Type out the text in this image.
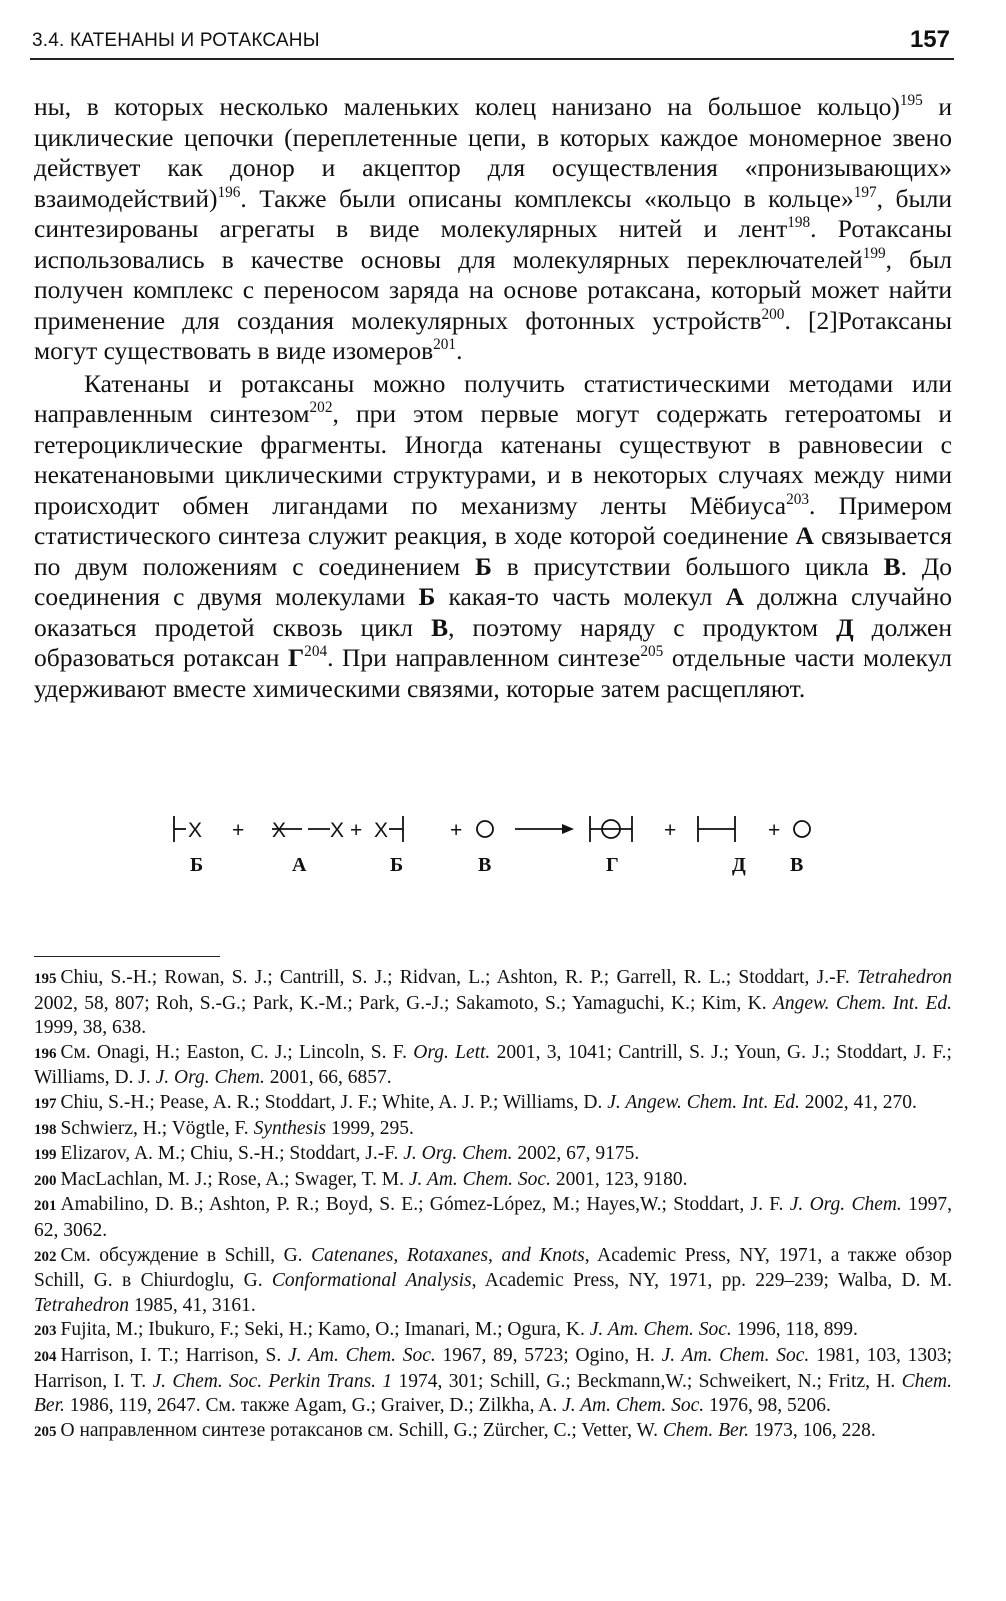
3.4. КАТЕНАНЫ И РОТАКСАНЫ	157

ны, в которых несколько маленьких колец нанизано на большое кольцо)$^{195}$ и циклические цепочки (переплетенные цепи, в которых каждое мономерное звено действует как донор и акцептор для осуществления «пронизывающих» взаимодействий)$^{196}$. Также были описаны комплексы «кольцо в кольце»$^{197}$, были синтезированы агрегаты в виде молекулярных нитей и лент$^{198}$. Ротаксаны использовались в качестве основы для молекулярных переключателей$^{199}$, был получен комплекс с переносом заряда на основе ротаксана, который может найти применение для создания молекулярных фотонных устройств$^{200}$. [2]Ротаксаны могут существовать в виде изомеров$^{201}$.

Катенаны и ротаксаны можно получить статистическими методами или направленным синтезом$^{202}$, при этом первые могут содержать гетероатомы и гетероциклические фрагменты. Иногда катенаны существуют в равновесии с некатенановыми циклическими структурами, и в некоторых случаях между ними происходит обмен лигандами по механизму ленты Мёбиуса$^{203}$. Примером статистического синтеза служит реакция, в ходе которой соединение А связывается по двум положениям с соединением Б в присутствии большого цикла В. До соединения с двумя молекулами Б какая-то часть молекул А должна случайно оказаться продетой сквозь цикл В, поэтому наряду с продуктом Д должен образоваться ротаксан $Г^{204}$. При направленном синтезе$^{205}$ отдельные части молекул удерживают вместе химическими связями, которые затем расщепляют.

X + X X + X	+	+	+
Б	А	Б	В	Г	Д В

195 Chiu, S.-H.; Rowan, S. J.; Cantrill, S. J.; Ridvan, L.; Ashton, R. P.; Garrell, R. L.; Stoddart, J.-F. Tetrahedron 2002, 58, 807; Roh, S.-G.; Park, K.-M.; Park, G.-J.; Sakamoto, S.; Yamaguchi, K.; Kim, K. Angew. Chem. Int. Ed. 1999, 38, 638.

196 См. Onagi, H.; Easton, C. J.; Lincoln, S. F. Org. Lett. 2001, 3, 1041; Cantrill, S. J.; Youn, G. J.; Stoddart, J. F.; Williams, D. J. J. Org. Chem. 2001, 66, 6857.

197 Chiu, S.-H.; Pease, A. R.; Stoddart, J. F.; White, A. J. P.; Williams, D. J. Angew. Chem. Int. Ed. 2002, 41, 270.

198 Schwierz, H.; Vögtle, F. Synthesis 1999, 295.

199 Elizarov, A. M.; Chiu, S.-H.; Stoddart, J.-F. J. Org. Chem. 2002, 67, 9175.

200 MacLachlan, M. J.; Rose, A.; Swager, T. M. J. Am. Chem. Soc. 2001, 123, 9180.

201 Amabilino, D. B.; Ashton, P. R.; Boyd, S. E.; Gómez-López, M.; Hayes,W.; Stoddart, J. F. J. Org. Chem. 1997, 62, 3062.

202 См. обсуждение в Schill, G. Catenanes, Rotaxanes, and Knots, Academic Press, NY, 1971, а также обзор Schill, G. в Chiurdoglu, G. Conformational Analysis, Academic Press, NY, 1971, pp. 229–239; Walba, D. M. Tetrahedron 1985, 41, 3161.

203 Fujita, M.; Ibukuro, F.; Seki, H.; Kamo, O.; Imanari, M.; Ogura, K. J. Am. Chem. Soc. 1996, 118, 899.

204 Harrison, I. T.; Harrison, S. J. Am. Chem. Soc. 1967, 89, 5723; Ogino, H. J. Am. Chem. Soc. 1981, 103, 1303; Harrison, I. T. J. Chem. Soc. Perkin Trans. 1 1974, 301; Schill, G.; Beckmann,W.; Schweikert, N.; Fritz, H. Chem. Ber. 1986, 119, 2647. См. также Agam, G.; Graiver, D.; Zilkha, A. J. Am. Chem. Soc. 1976, 98, 5206.

205 О направленном синтезе ротаксанов см. Schill, G.; Zürcher, C.; Vetter, W. Chem. Ber. 1973, 106, 228.
